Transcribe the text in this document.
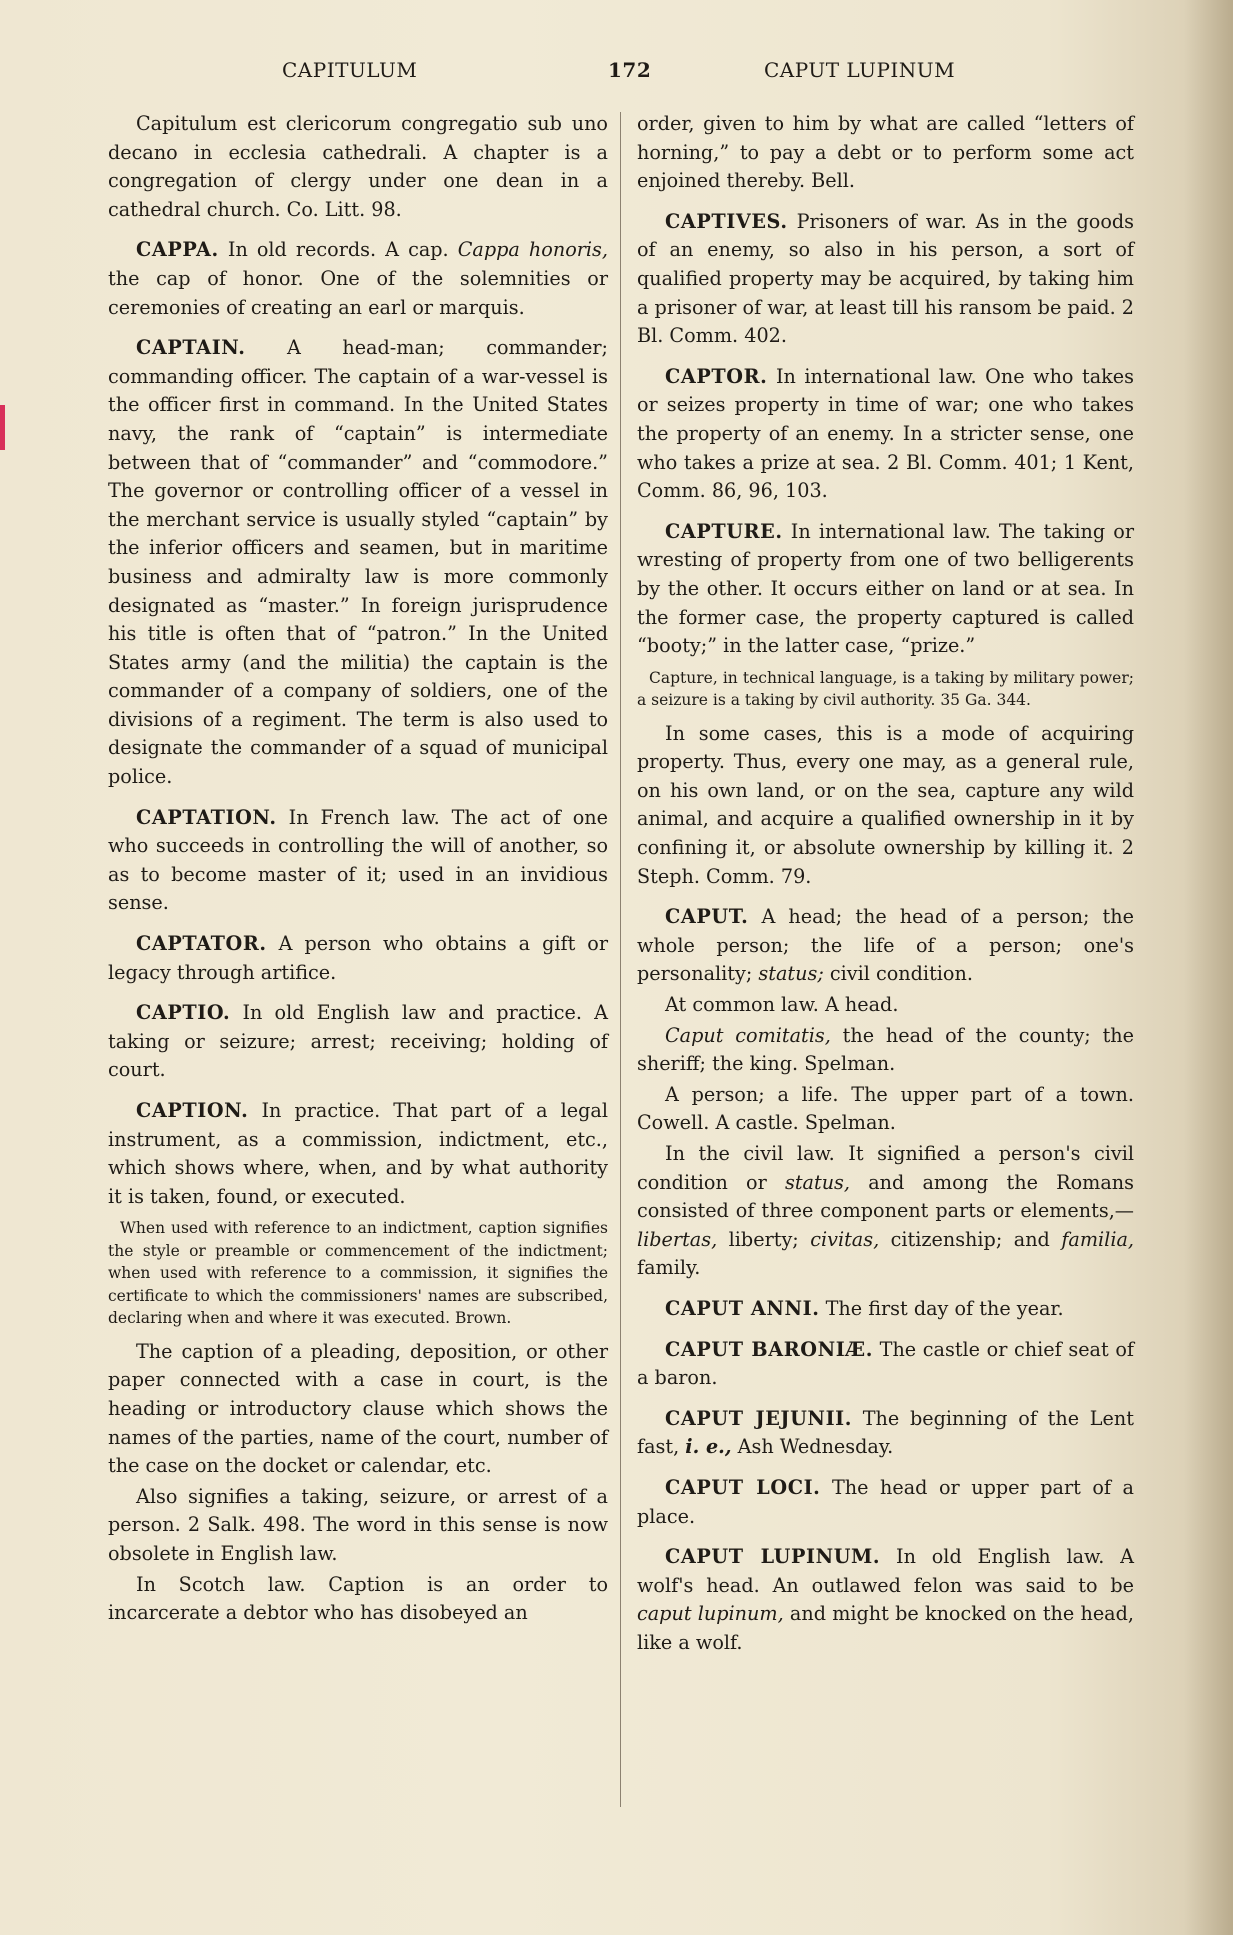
CAPITULUM	172	CAPUT LUPINUM

Capitulum est clericorum congregatio sub uno decano in ecclesia cathedrali. A chapter is a congregation of clergy under one dean in a cathedral church. Co. Litt. 98.

CAPPA. In old records. A cap. Cappa honoris, the cap of honor. One of the solemnities or ceremonies of creating an earl or marquis.

CAPTAIN. A head-man; commander; commanding officer. The captain of a war-vessel is the officer first in command. In the United States navy, the rank of “captain” is intermediate between that of “commander” and “commodore.” The governor or controlling officer of a vessel in the merchant service is usually styled “captain” by the inferior officers and seamen, but in maritime business and admiralty law is more commonly designated as “master.” In foreign jurisprudence his title is often that of “patron.” In the United States army (and the militia) the captain is the commander of a company of soldiers, one of the divisions of a regiment. The term is also used to designate the commander of a squad of municipal police.

CAPTATION. In French law. The act of one who succeeds in controlling the will of another, so as to become master of it; used in an invidious sense.

CAPTATOR. A person who obtains a gift or legacy through artifice.

CAPTIO. In old English law and practice. A taking or seizure; arrest; receiving; holding of court.

CAPTION. In practice. That part of a legal instrument, as a commission, indictment, etc., which shows where, when, and by what authority it is taken, found, or executed.

When used with reference to an indictment, caption signifies the style or preamble or commencement of the indictment; when used with reference to a commission, it signifies the certificate to which the commissioners' names are subscribed, declaring when and where it was executed. Brown.

The caption of a pleading, deposition, or other paper connected with a case in court, is the heading or introductory clause which shows the names of the parties, name of the court, number of the case on the docket or calendar, etc.

Also signifies a taking, seizure, or arrest of a person. 2 Salk. 498. The word in this sense is now obsolete in English law.

In Scotch law. Caption is an order to incarcerate a debtor who has disobeyed an

order, given to him by what are called “letters of horning,” to pay a debt or to perform some act enjoined thereby. Bell.

CAPTIVES. Prisoners of war. As in the goods of an enemy, so also in his person, a sort of qualified property may be acquired, by taking him a prisoner of war, at least till his ransom be paid. 2 Bl. Comm. 402.

CAPTOR. In international law. One who takes or seizes property in time of war; one who takes the property of an enemy. In a stricter sense, one who takes a prize at sea. 2 Bl. Comm. 401; 1 Kent, Comm. 86, 96, 103.

CAPTURE. In international law. The taking or wresting of property from one of two belligerents by the other. It occurs either on land or at sea. In the former case, the property captured is called “booty;” in the latter case, “prize.”

Capture, in technical language, is a taking by military power; a seizure is a taking by civil authority. 35 Ga. 344.

In some cases, this is a mode of acquiring property. Thus, every one may, as a general rule, on his own land, or on the sea, capture any wild animal, and acquire a qualified ownership in it by confining it, or absolute ownership by killing it. 2 Steph. Comm. 79.

CAPUT. A head; the head of a person; the whole person; the life of a person; one's personality; status; civil condition.

At common law. A head.

Caput comitatis, the head of the county; the sheriff; the king. Spelman.

A person; a life. The upper part of a town. Cowell. A castle. Spelman.

In the civil law. It signified a person's civil condition or status, and among the Romans consisted of three component parts or elements,—libertas, liberty; civitas, citizenship; and familia, family.

CAPUT ANNI. The first day of the year.

CAPUT BARONIÆ. The castle or chief seat of a baron.

CAPUT JEJUNII. The beginning of the Lent fast, i. e., Ash Wednesday.

CAPUT LOCI. The head or upper part of a place.

CAPUT LUPINUM. In old English law. A wolf's head. An outlawed felon was said to be caput lupinum, and might be knocked on the head, like a wolf.
